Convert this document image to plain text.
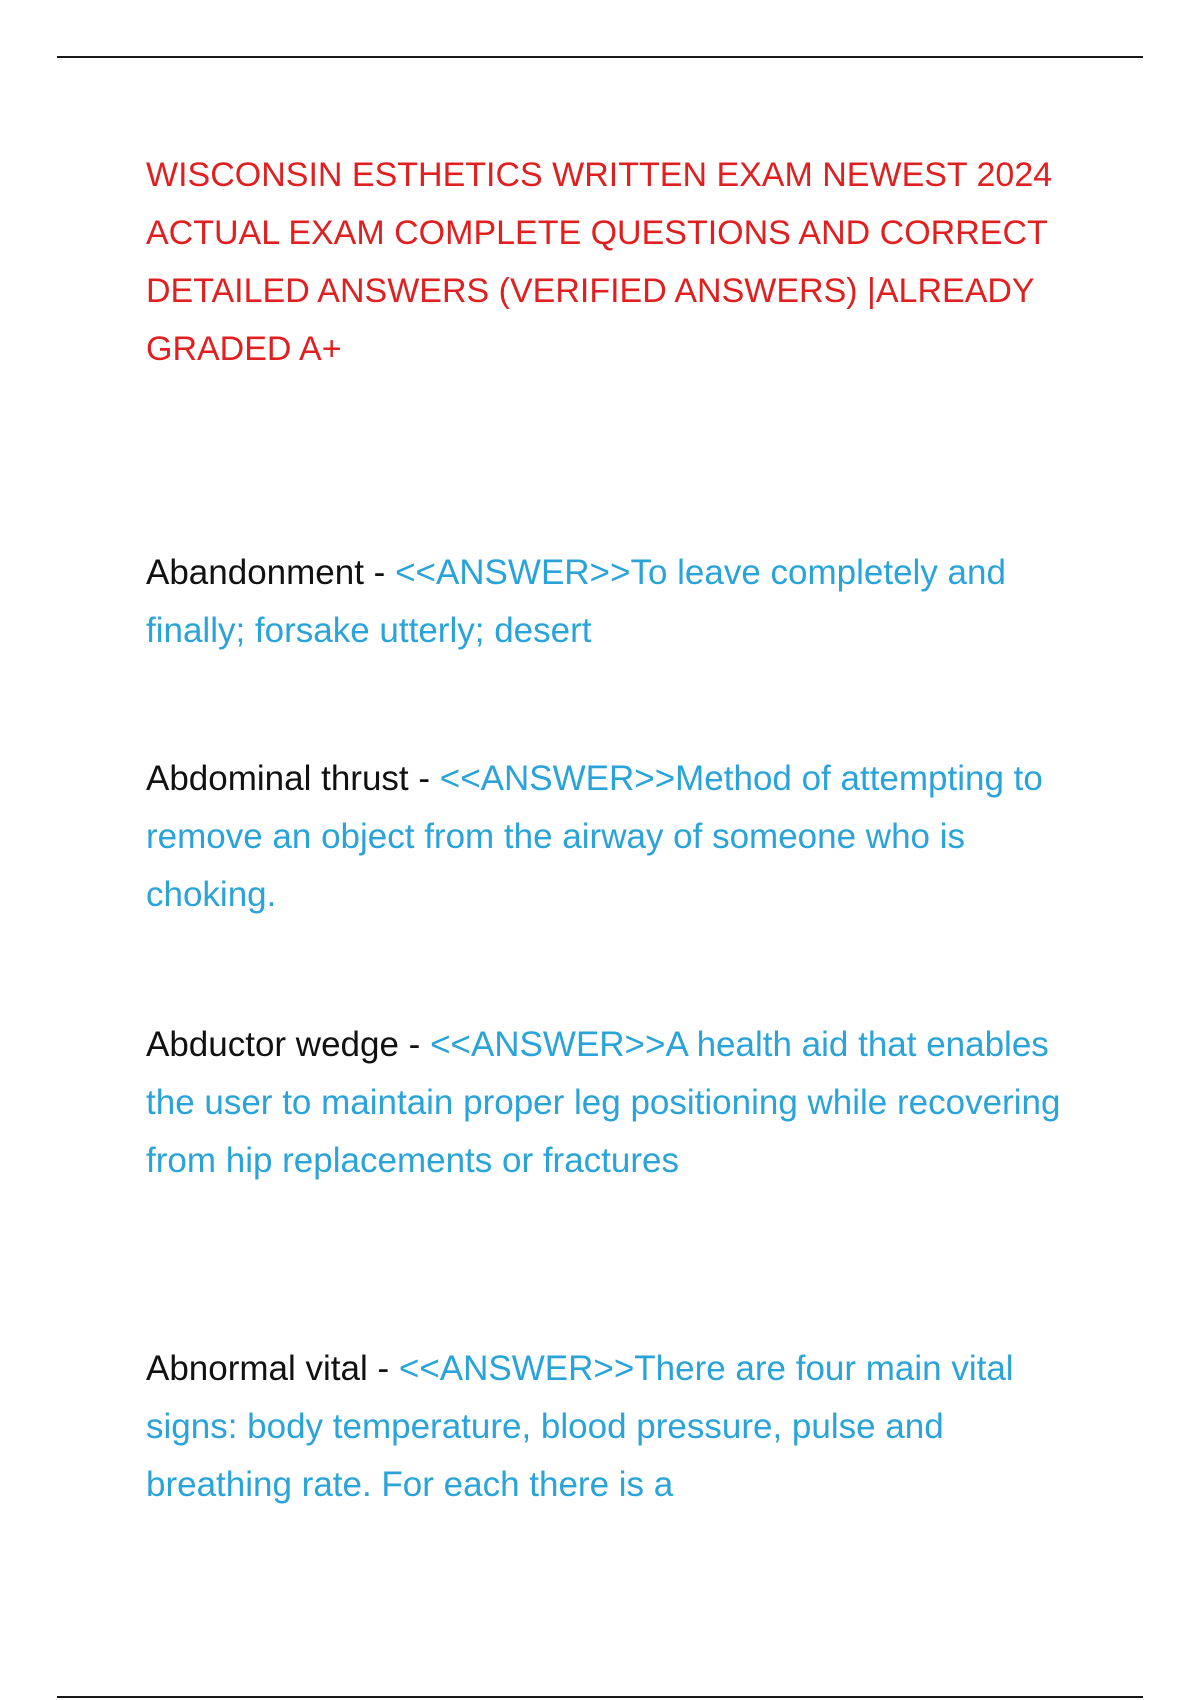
WISCONSIN ESTHETICS WRITTEN EXAM NEWEST 2024 ACTUAL EXAM COMPLETE QUESTIONS AND CORRECT DETAILED ANSWERS (VERIFIED ANSWERS) |ALREADY GRADED A+

Abandonment - <<ANSWER>>To leave completely and finally; forsake utterly; desert

Abdominal thrust - <<ANSWER>>Method of attempting to remove an object from the airway of someone who is choking.

Abductor wedge - <<ANSWER>>A health aid that enables the user to maintain proper leg positioning while recovering from hip replacements or fractures

Abnormal vital - <<ANSWER>>There are four main vital signs: body temperature, blood pressure, pulse and breathing rate. For each there is a
